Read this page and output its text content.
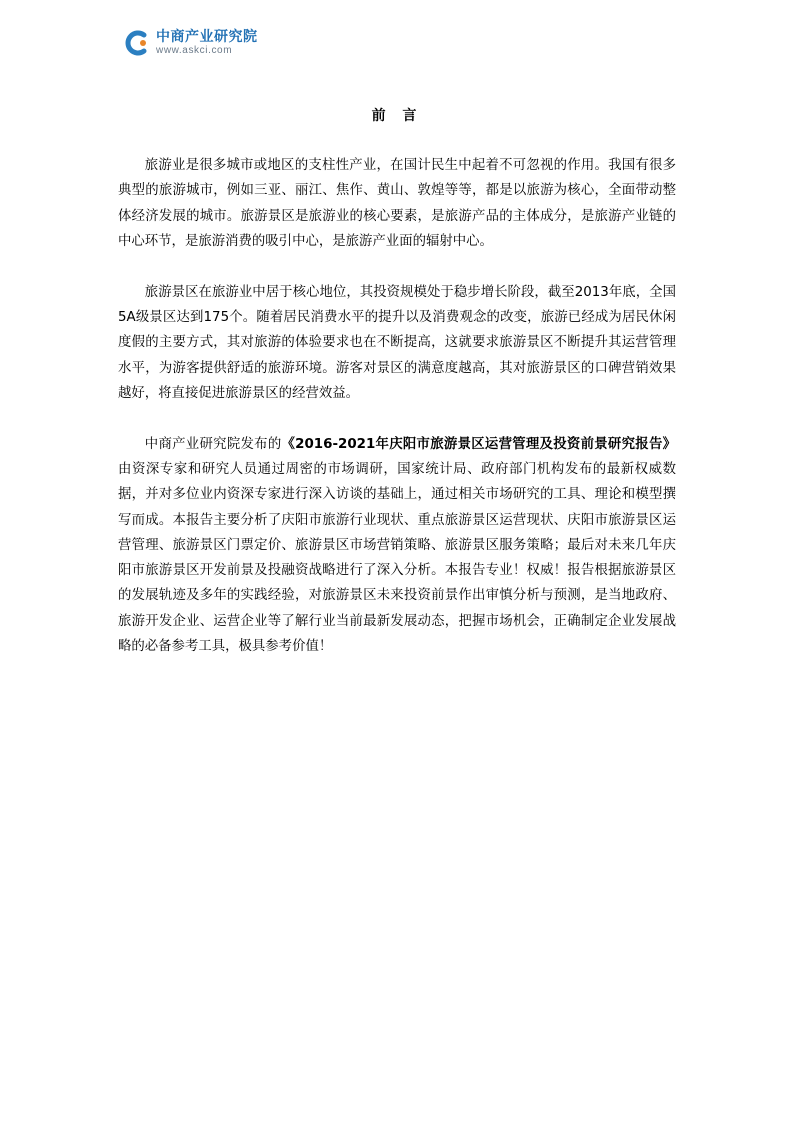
中商产业研究院
www.askci.com
前 言

旅游业是很多城市或地区的支柱性产业，在国计民生中起着不可忽视的作用。我国有很多典型的旅游城市，例如三亚、丽江、焦作、黄山、敦煌等等，都是以旅游为核心，全面带动整体经济发展的城市。旅游景区是旅游业的核心要素，是旅游产品的主体成分，是旅游产业链的中心环节，是旅游消费的吸引中心，是旅游产业面的辐射中心。

旅游景区在旅游业中居于核心地位，其投资规模处于稳步增长阶段，截至2013年底，全国5A级景区达到175个。随着居民消费水平的提升以及消费观念的改变，旅游已经成为居民休闲度假的主要方式，其对旅游的体验要求也在不断提高，这就要求旅游景区不断提升其运营管理水平，为游客提供舒适的旅游环境。游客对景区的满意度越高，其对旅游景区的口碑营销效果越好，将直接促进旅游景区的经营效益。

中商产业研究院发布的《2016-2021年庆阳市旅游景区运营管理及投资前景研究报告》由资深专家和研究人员通过周密的市场调研，国家统计局、政府部门机构发布的最新权威数据，并对多位业内资深专家进行深入访谈的基础上，通过相关市场研究的工具、理论和模型撰写而成。本报告主要分析了庆阳市旅游行业现状、重点旅游景区运营现状、庆阳市旅游景区运营管理、旅游景区门票定价、旅游景区市场营销策略、旅游景区服务策略；最后对未来几年庆阳市旅游景区开发前景及投融资战略进行了深入分析。本报告专业！权威！报告根据旅游景区的发展轨迹及多年的实践经验，对旅游景区未来投资前景作出审慎分析与预测，是当地政府、旅游开发企业、运营企业等了解行业当前最新发展动态，把握市场机会，正确制定企业发展战略的必备参考工具，极具参考价值！
